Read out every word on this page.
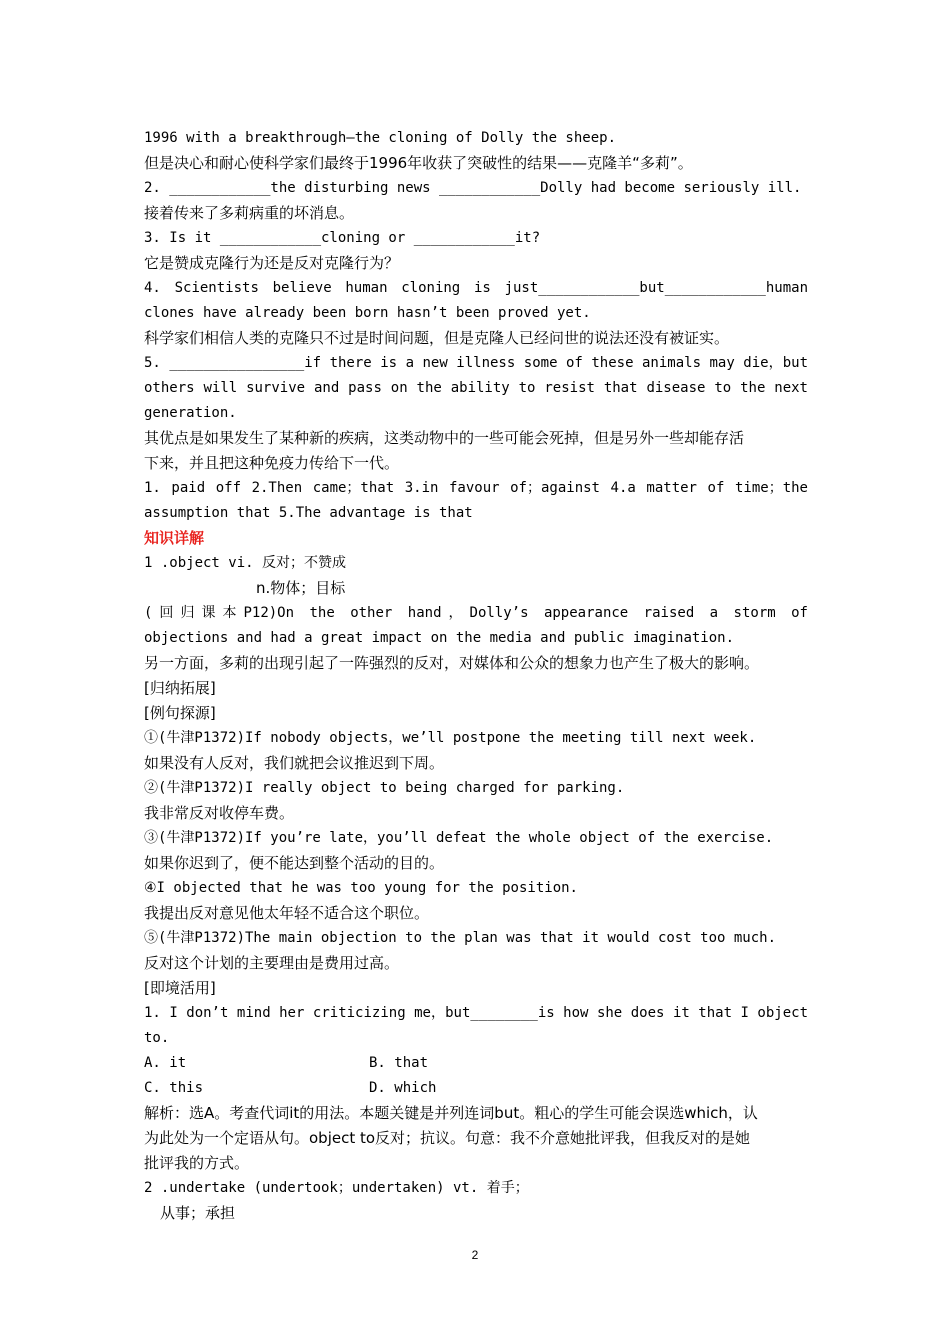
1996 with a breakthrough—the cloning of Dolly the sheep.
但是决心和耐心使科学家们最终于1996年收获了突破性的结果——克隆羊“多莉”。
2. ____________the disturbing news ____________Dolly had become seriously ill.
接着传来了多莉病重的坏消息。
3. Is it ____________cloning or ____________it?
它是赞成克隆行为还是反对克隆行为？
4. Scientists believe human cloning is just____________but____________human
clones have already been born hasn’t been proved yet.
科学家们相信人类的克隆只不过是时间问题，但是克隆人已经问世的说法还没有被证实。
5. ________________if there is a new illness some of these animals may die，but
others will survive and pass on the ability to resist that disease to the next
generation.
其优点是如果发生了某种新的疾病，这类动物中的一些可能会死掉，但是另外一些却能存活
下来，并且把这种免疫力传给下一代。
1. paid off 2.Then came；that 3.in favour of；against 4.a matter of time；the
assumption that 5.The advantage is that
知识详解
1 .object vi. 反对；不赞成
n.物体；目标
(回归课本P12)On the other hand，Dolly’s appearance raised a storm of
objections and had a great impact on the media and public imagination.
另一方面，多莉的出现引起了一阵强烈的反对，对媒体和公众的想象力也产生了极大的影响。
[归纳拓展]
[例句探源]
①(牛津P1372)If nobody objects，we’ll postpone the meeting till next week.
如果没有人反对，我们就把会议推迟到下周。
②(牛津P1372)I really object to being charged for parking.
我非常反对收停车费。
③(牛津P1372)If you’re late，you’ll defeat the whole object of the exercise.
如果你迟到了，便不能达到整个活动的目的。
④I objected that he was too young for the position.
我提出反对意见他太年轻不适合这个职位。
⑤(牛津P1372)The main objection to the plan was that it would cost too much.
反对这个计划的主要理由是费用过高。
[即境活用]
1. I don’t mind her criticizing me，but________is how she does it that I object
to.
A. it	B. that
C. this	D. which
解析：选A。考查代词it的用法。本题关键是并列连词but。粗心的学生可能会误选which，认
为此处为一个定语从句。object to反对；抗议。句意：我不介意她批评我，但我反对的是她
批评我的方式。
2 .undertake (undertook；undertaken) vt. 着手；
从事；承担
2
